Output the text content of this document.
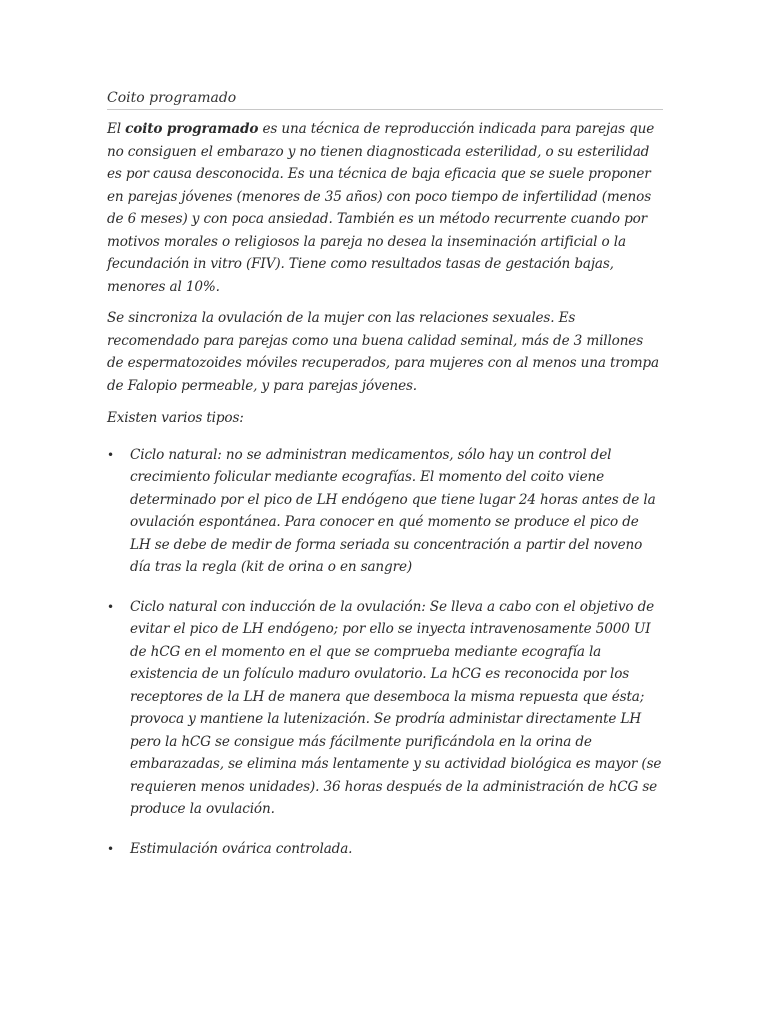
Coito programado

El coito programado es una técnica de reproducción indicada para parejas que no consiguen el embarazo y no tienen diagnosticada esterilidad, o su esterilidad es por causa desconocida. Es una técnica de baja eficacia que se suele proponer en parejas jóvenes (menores de 35 años) con poco tiempo de infertilidad (menos de 6 meses) y con poca ansiedad. También es un método recurrente cuando por motivos morales o religiosos la pareja no desea la inseminación artificial o la fecundación in vitro (FIV). Tiene como resultados tasas de gestación bajas, menores al 10%.

Se sincroniza la ovulación de la mujer con las relaciones sexuales. Es recomendado para parejas como una buena calidad seminal, más de 3 millones de espermatozoides móviles recuperados, para mujeres con al menos una trompa de Falopio permeable, y para parejas jóvenes.

Existen varios tipos:

• Ciclo natural: no se administran medicamentos, sólo hay un control del crecimiento folicular mediante ecografías. El momento del coito viene determinado por el pico de LH endógeno que tiene lugar 24 horas antes de la ovulación espontánea. Para conocer en qué momento se produce el pico de LH se debe de medir de forma seriada su concentración a partir del noveno día tras la regla (kit de orina o en sangre)
• Ciclo natural con inducción de la ovulación: Se lleva a cabo con el objetivo de evitar el pico de LH endógeno; por ello se inyecta intravenosamente 5000 UI de hCG en el momento en el que se comprueba mediante ecografía la existencia de un folículo maduro ovulatorio. La hCG es reconocida por los receptores de la LH de manera que desemboca la misma repuesta que ésta; provoca y mantiene la lutenización. Se prodría administar directamente LH pero la hCG se consigue más fácilmente purificándola en la orina de embarazadas, se elimina más lentamente y su actividad biológica es mayor (se requieren menos unidades). 36 horas después de la administración de hCG se produce la ovulación.
• Estimulación ovárica controlada.
